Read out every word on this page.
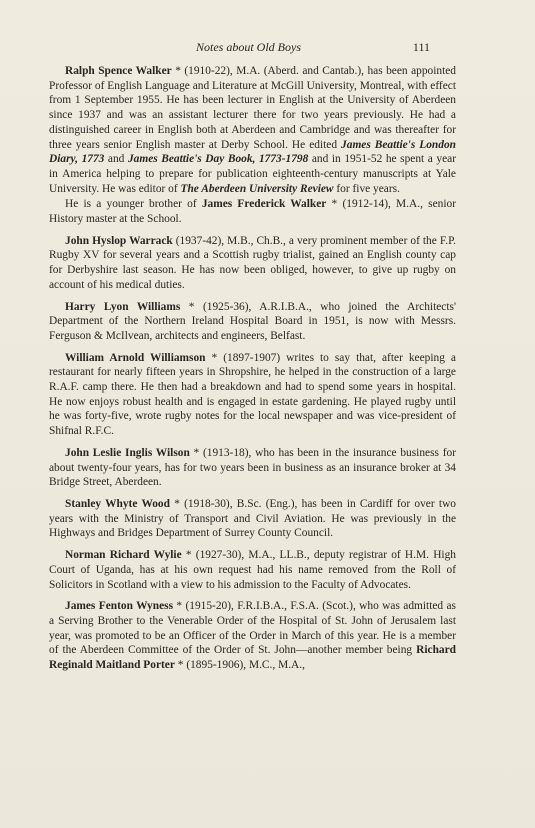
Notes about Old Boys	111

Ralph Spence Walker * (1910-22), M.A. (Aberd. and Cantab.), has been appointed Professor of English Language and Literature at McGill University, Montreal, with effect from 1 September 1955. He has been lecturer in English at the University of Aberdeen since 1937 and was an assistant lecturer there for two years previously. He had a distinguished career in English both at Aberdeen and Cambridge and was thereafter for three years senior English master at Derby School. He edited James Beattie's London Diary, 1773 and James Beattie's Day Book, 1773-1798 and in 1951-52 he spent a year in America helping to prepare for publication eighteenth-century manuscripts at Yale University. He was editor of The Aberdeen University Review for five years.

He is a younger brother of James Frederick Walker * (1912-14), M.A., senior History master at the School.

John Hyslop Warrack (1937-42), M.B., Ch.B., a very prominent member of the F.P. Rugby XV for several years and a Scottish rugby trialist, gained an English county cap for Derbyshire last season. He has now been obliged, however, to give up rugby on account of his medical duties.

Harry Lyon Williams * (1925-36), A.R.I.B.A., who joined the Architects' Department of the Northern Ireland Hospital Board in 1951, is now with Messrs. Ferguson & McIlvean, architects and engineers, Belfast.

William Arnold Williamson * (1897-1907) writes to say that, after keeping a restaurant for nearly fifteen years in Shropshire, he helped in the construction of a large R.A.F. camp there. He then had a breakdown and had to spend some years in hospital. He now enjoys robust health and is engaged in estate gardening. He played rugby until he was forty-five, wrote rugby notes for the local newspaper and was vice-president of Shifnal R.F.C.

John Leslie Inglis Wilson * (1913-18), who has been in the insurance business for about twenty-four years, has for two years been in business as an insurance broker at 34 Bridge Street, Aberdeen.

Stanley Whyte Wood * (1918-30), B.Sc. (Eng.), has been in Cardiff for over two years with the Ministry of Transport and Civil Aviation. He was previously in the Highways and Bridges Department of Surrey County Council.

Norman Richard Wylie * (1927-30), M.A., LL.B., deputy registrar of H.M. High Court of Uganda, has at his own request had his name removed from the Roll of Solicitors in Scotland with a view to his admission to the Faculty of Advocates.

James Fenton Wyness * (1915-20), F.R.I.B.A., F.S.A. (Scot.), who was admitted as a Serving Brother to the Venerable Order of the Hospital of St. John of Jerusalem last year, was promoted to be an Officer of the Order in March of this year. He is a member of the Aberdeen Committee of the Order of St. John—another member being Richard Reginald Maitland Porter * (1895-1906), M.C., M.A.,
